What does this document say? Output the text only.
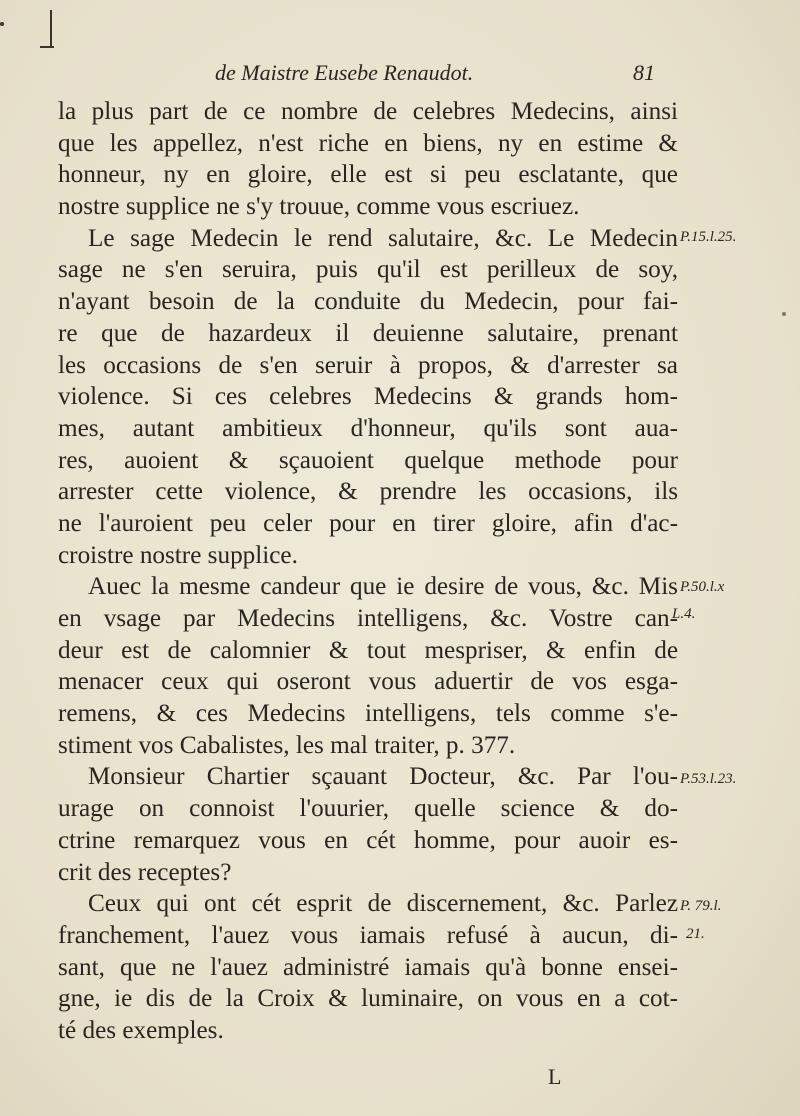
de Maistre Eusebe Renaudot.	81
la plus part de ce nombre de celebres Medecins, ainsi
que les appellez, n'est riche en biens, ny en estime &
honneur, ny en gloire, elle est si peu esclatante, que
nostre supplice ne s'y trouue, comme vous escriuez.
Le sage Medecin le rend salutaire, &c. Le Medecin
sage ne s'en seruira, puis qu'il est perilleux de soy,
n'ayant besoin de la conduite du Medecin, pour fai-
re que de hazardeux il deuienne salutaire, prenant
les occasions de s'en seruir à propos, & d'arrester sa
violence. Si ces celebres Medecins & grands hom-
mes, autant ambitieux d'honneur, qu'ils sont aua-
res, auoient & sçauoient quelque methode pour
arrester cette violence, & prendre les occasions, ils
ne l'auroient peu celer pour en tirer gloire, afin d'ac-
croistre nostre supplice.
Auec la mesme candeur que ie desire de vous, &c. Mis
en vsage par Medecins intelligens, &c. Vostre can-
deur est de calomnier & tout mespriser, & enfin de
menacer ceux qui oseront vous aduertir de vos esga-
remens, & ces Medecins intelligens, tels comme s'e-
stiment vos Cabalistes, les mal traiter, p. 377.
Monsieur Chartier sçauant Docteur, &c. Par l'ou-
urage on connoist l'ouurier, quelle science & do-
ctrine remarquez vous en cét homme, pour auoir es-
crit des receptes?
Ceux qui ont cét esprit de discernement, &c. Parlez
franchement, l'auez vous iamais refusé à aucun, di-
sant, que ne l'auez administré iamais qu'à bonne ensei-
gne, ie dis de la Croix & luminaire, on vous en a cot-
té des exemples.
P.15.l.25.
P.50.l.x
L.4.
P.53.l.23.
P. 79.l.
21.
L
